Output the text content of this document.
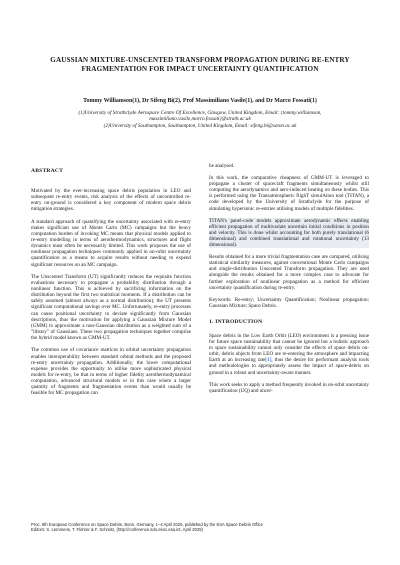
GAUSSIAN MIXTURE-UNSCENTED TRANSFORM PROPAGATION DURING RE-ENTRY FRAGMENTATION FOR IMPACT UNCERTAINTY QUANTIFICATION
Tommy Williamson(1), Dr Sifeng Bi(2), Prof Massimiliano Vasile(1), and Dr Marco Fossati(1)
(1)University of Strathclyde Aerospace Centre Of Excellence, Glasgow, United Kingdom, Email: {tommy.williamson, massimiliano.vasile,marco.fossati}@strath.ac.uk
(2)University of Southampton, Southampton, United Kingdom, Email: sifeng.bi@soton.ac.uk
ABSTRACT

Motivated by the ever-increasing space debris population in LEO and subsequent re-entry events, risk analysis of the effects of uncontrolled re-entry on-ground is considered a key component of modern space debris mitigation strategies.

A standard approach of quantifying the uncertainty associated with re-entry makes significant use of Monte Carlo (MC) campaigns but the heavy computation burden of invoking MC means that physical models applied to re-entry modelling in terms of aerothermodynamics, structures and flight dynamics must often be necessarily limited. This work proposes the use of nonlinear propagation techniques commonly applied in on-orbit uncertainty quantification as a means to acquire results without needing to expend significant resources on an MC campaign.

The Unscented Transform (UT) significantly reduces the requisite function evaluations necessary to propagate a probability distribution through a nonlinear function. This is achieved by sacrificing information on the distribution beyond the first two statistical moments. If a distribution can be safely assumed (almost always as a normal distribution), the UT presents significant computational savings over MC. Unfortunately, re-entry processes can cause positional uncertainty to deviate significantly from Gaussian descriptions, thus the motivation for applying a Gaussian Mixture Model (GMM) to approximate a non-Gaussian distribution as a weighted sum of a "library" of Gaussians. These two propagation techniques together comprise the hybrid model known as GMM-UT.

The common use of covariance matrices in orbital uncertainty propagation enables interoperability between standard orbital methods and the proposed re-entry uncertainty propagation. Additionally, the lower computational expense provides the opportunity to utilise more sophisticated physical models for re-entry, be that in terms of higher fidelity aerothermodynamical computation, advanced structural models or in this case where a larger quantity of fragments and fragmentation events than would usually be feasible for MC propagation can

be analysed.

In this work, the comparative cheapness of GMM-UT is leveraged to propagate a cluster of spacecraft fragments simultaneously whilst still computing the aerodynamics and aero-induced heating on these bodies. This is performed using the Transatmospheric flighT simulAtion tool (TITAN), a code developed by the University of Strathclyde for the purpose of simulating hypersonic re-entries utilising models of multiple fidelities.

TITAN's panel-code models approximate aerodynamic effects enabling efficient propagation of multivariate uncertain initial conditions in position and velocity. This is done whilst accounting for both purely translational (6 dimensional) and combined translational and rotational uncertainty (13 dimensional).

Results obtained for a more trivial fragmentation case are compared, utilising statistical similarity measures, against conventional Monte Carlo campaigns and single-distribution Unscented Transform propagation. They are used alongside the results obtained for a more complex case to advocate for further exploration of nonlinear propagation as a method for efficient uncertainty quantification during re-entry.

Keywords: Re-entry; Uncertainty Quantification; Nonlinear propagation; Gaussian Mixture; Space Debris.

1. INTRODUCTION

Space debris in the Low Earth Orbit (LEO) environment is a pressing issue for future space sustainability that cannot be ignored but a holistic approach to space sustainability cannot only consider the effects of space debris on-orbit, debris objects from LEO are re-entering the atmosphere and impacting Earth at an increasing rate[1], thus the desire for performant analysis tools and methodologies to appropriately assess the impact of space-debris on ground in a robust and uncertainty-aware manner.

This work seeks to apply a method frequently invoked in on-orbit uncertainty quantification (UQ) and uncer-

Proc. 9th European Conference on Space Debris, Bonn, Germany, 1–4 April 2025, published by the ESA Space Debris Office
Editors: S. Lemmens, T. Flohrer & F. Schmitz, (http://conference.sdo.esoc.esa.int, April 2025)
